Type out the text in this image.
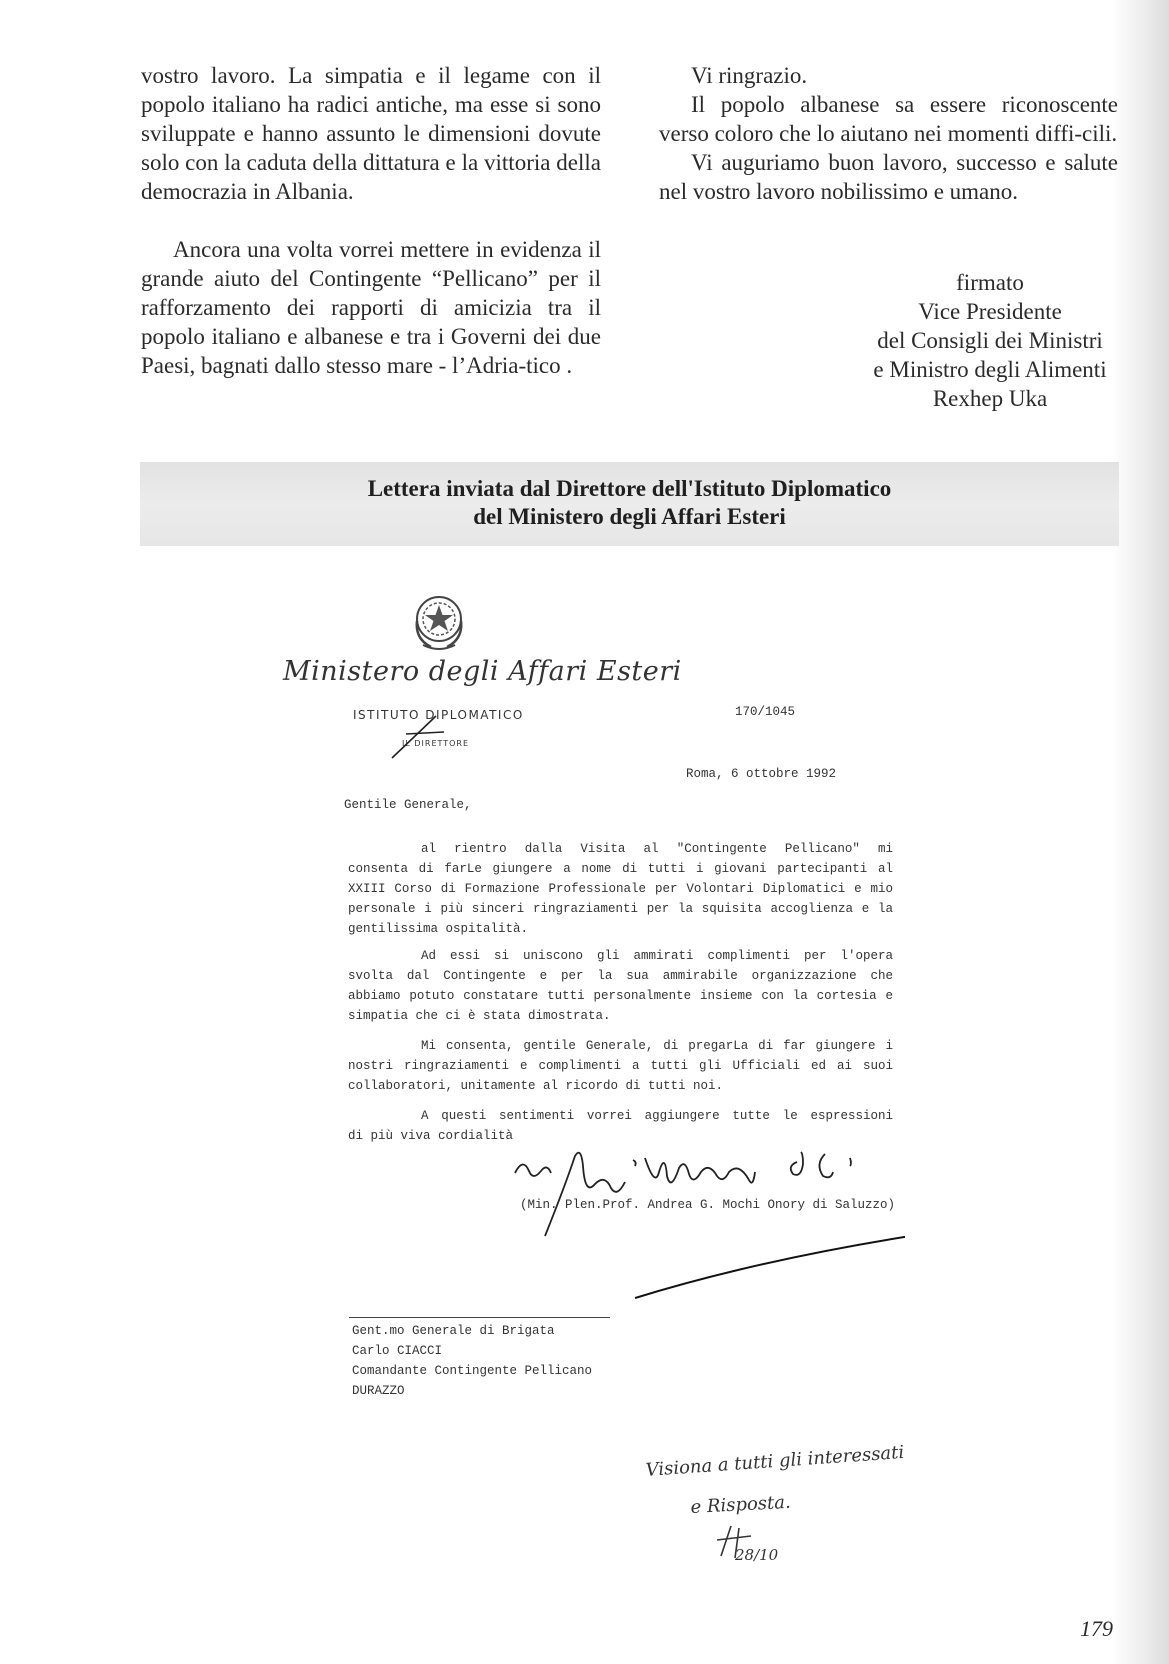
vostro lavoro. La simpatia e il legame con il popolo italiano ha radici antiche, ma esse si sono sviluppate e hanno assunto le dimensioni dovute solo con la caduta della dittatura e la vittoria della democrazia in Albania.

Ancora una volta vorrei mettere in evidenza il grande aiuto del Contingente “Pellicano” per il rafforzamento dei rapporti di amicizia tra il popolo italiano e albanese e tra i Governi dei due Paesi, bagnati dallo stesso mare - l’Adria-tico .

Vi ringrazio.

Il popolo albanese sa essere riconoscente verso coloro che lo aiutano nei momenti diffi-cili.

Vi auguriamo buon lavoro, successo e salute nel vostro lavoro nobilissimo e umano.

firmato
Vice Presidente
del Consigli dei Ministri
e Ministro degli Alimenti
Rexhep Uka
Lettera inviata dal Direttore dell'Istituto Diplomatico
del Ministero degli Affari Esteri
Ministero degli Affari Esteri
ISTITUTO DIPLOMATICO
IL DIRETTORE
170/1045
Roma, 6 ottobre 1992
Gentile Generale,
al rientro dalla Visita al "Contingente Pellicano" mi
consenta di farLe giungere a nome di tutti i giovani partecipanti al
XXIII Corso di Formazione Professionale per Volontari Diplomatici e mio
personale i più sinceri ringraziamenti per la squisita accoglienza e la
gentilissima ospitalità.
Ad essi si uniscono gli ammirati complimenti per l'opera
svolta dal Contingente e per la sua ammirabile organizzazione che
abbiamo potuto constatare tutti personalmente insieme con la cortesia e
simpatia che ci è stata dimostrata.
Mi consenta, gentile Generale, di pregarLa di far giungere i
nostri ringraziamenti e complimenti a tutti gli Ufficiali ed ai suoi
collaboratori, unitamente al ricordo di tutti noi.
A questi sentimenti vorrei aggiungere tutte le espressioni
di più viva cordialità
(Min. Plen.Prof. Andrea G. Mochi Onory di Saluzzo)
Gent.mo Generale di Brigata
Carlo CIACCI
Comandante Contingente Pellicano
DURAZZO
Visiona a tutti gli interessati
e Risposta.
28/10
179
